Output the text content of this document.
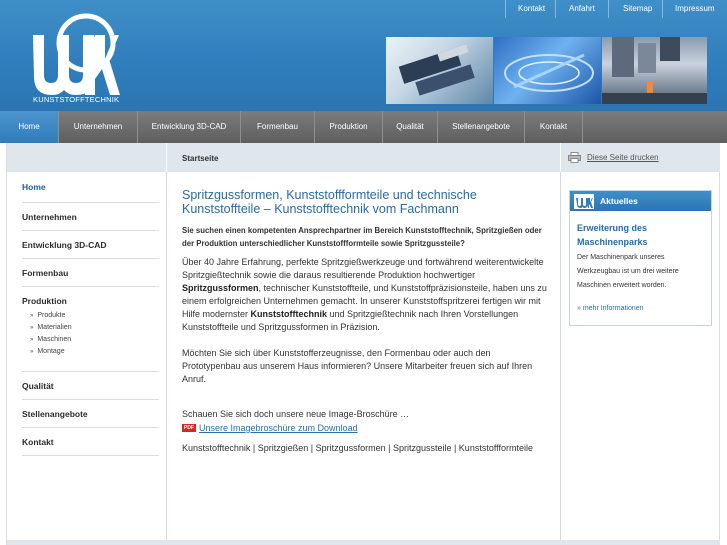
Kontakt	Anfahrt	Sitemap	Impressum
KUNSTSTOFFTECHNIK
Home	Unternehmen	Entwicklung 3D-CAD	Formenbau	Produktion	Qualität	Stellenangebote	Kontakt
Startseite	Diese Seite drucken
Home
Unternehmen
Entwicklung 3D-CAD
Formenbau
Produktion
» Produkte
» Materialien
» Maschinen
» Montage
Qualität
Stellenangebote
Kontakt
Spritzgussformen, Kunststoffformteile und technische Kunststoffteile – Kunststofftechnik vom Fachmann

Sie suchen einen kompetenten Ansprechpartner im Bereich Kunststofftechnik, Spritzgießen oder der Produktion unterschiedlicher Kunststoffformteile sowie Spritzgussteile?

Über 40 Jahre Erfahrung, perfekte Spritzgießwerkzeuge und fortwährend weiterentwickelte Spritzgießtechnik sowie die daraus resultierende Produktion hochwertiger Spritzgussformen, technischer Kunststoffteile, und Kunststoffpräzisionsteile, haben uns zu einem erfolgreichen Unternehmen gemacht. In unserer Kunststoffspritzerei fertigen wir mit Hilfe modernster Kunststofftechnik und Spritzgießtechnik nach Ihren Vorstellungen Kunststoffteile und Spritzgussformen in Präzision.

Möchten Sie sich über Kunststofferzeugnisse, den Formenbau oder auch den Prototypenbau aus unserem Haus informieren? Unsere Mitarbeiter freuen sich auf Ihren Anruf.

Schauen Sie sich doch unsere neue Image-Broschüre …

PDF Unsere Imagebroschüre zum Download

Kunststofftechnik | Spritzgießen | Spritzgussformen | Spritzgussteile | Kunststoffformteile

Aktuelles
Erweiterung des Maschinenparks
Der Maschinenpark unseres Werkzeugbau ist um drei weitere Maschinen erweitert worden.
» mehr Informationen
